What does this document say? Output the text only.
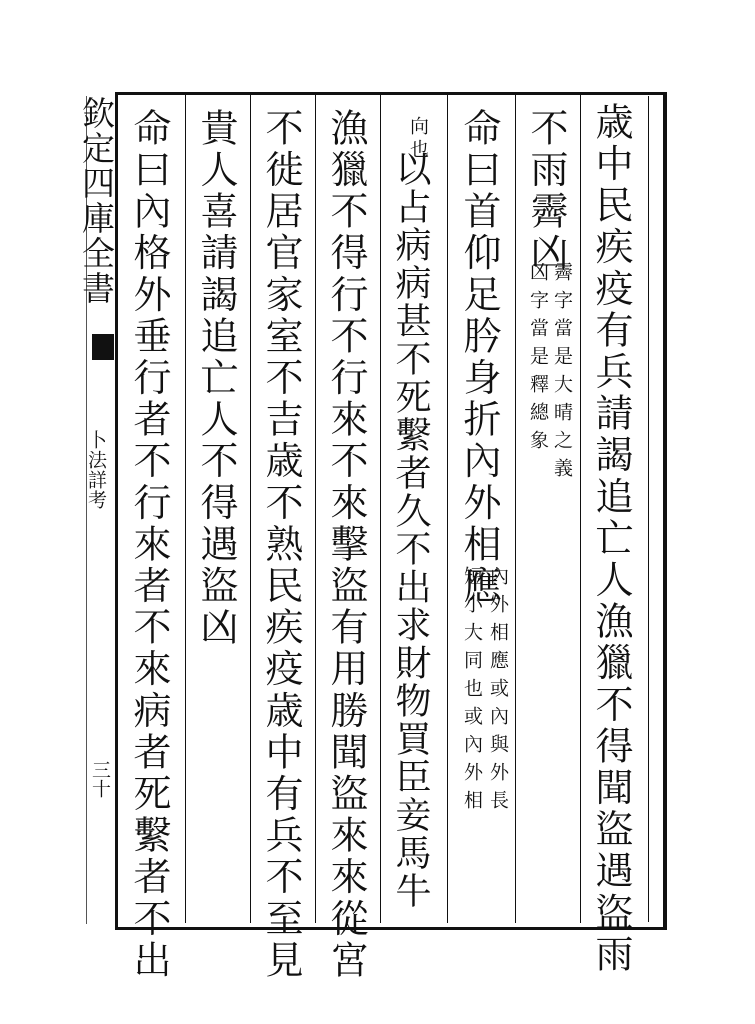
欽定四庫全書
卜法詳考
三十	歳中民疾疫有兵請謁追亡人漁獵不得聞盜遇盜雨
不雨霽凶
霽字當是大晴之義
凶字當是釋總象
命曰首仰足肣身折內外相應
內外相應或內與外長
短小大同也或內外相
向也
以占病病甚不死繫者久不出求財物買臣妾馬牛
漁獵不得行不行來不來擊盜有用勝聞盜來來從宮
不徙居官家室不吉歳不熟民疾疫歳中有兵不至見
貴人喜請謁追亡人不得遇盜凶
命曰內格外垂行者不行來者不來病者死繫者不出
